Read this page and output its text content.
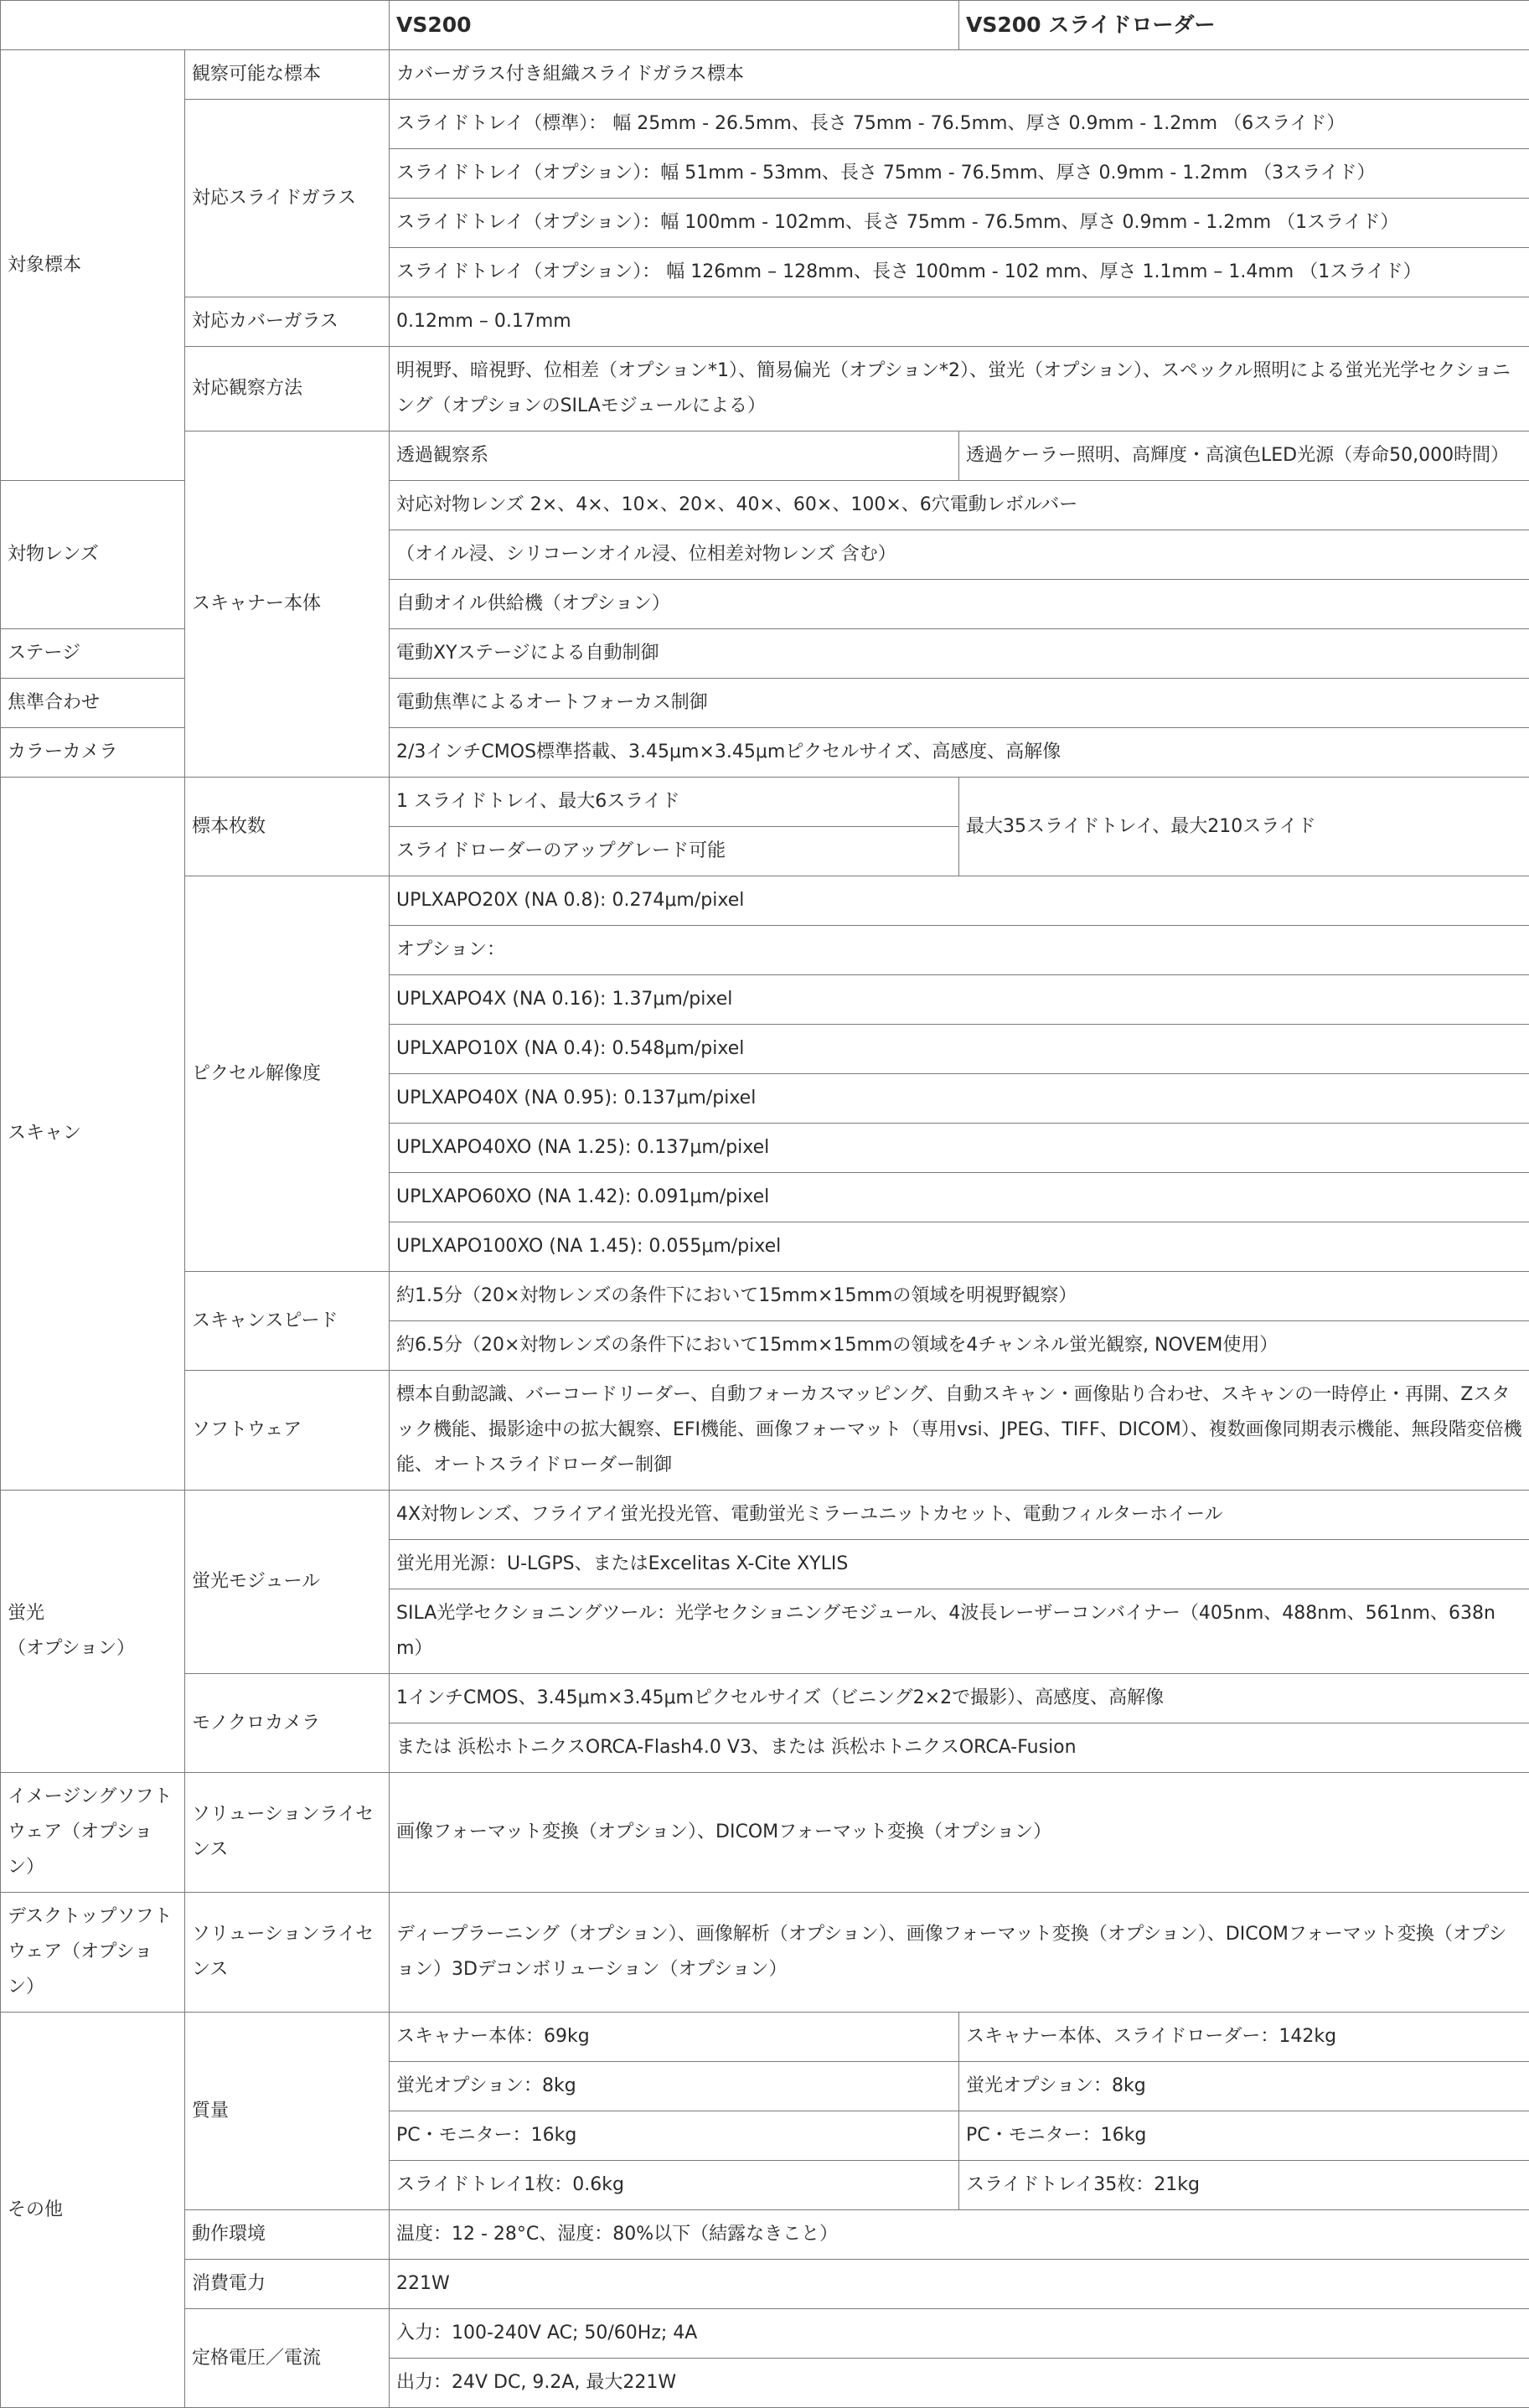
		VS200	VS200 スライドローダー
対象標本	観察可能な標本	カバーガラス付き組織スライドガラス標本	
	対応スライドガラス	スライドトレイ（標準）： 幅 25mm - 26.5mm、長さ 75mm - 76.5mm、厚さ 0.9mm - 1.2mm （6スライド）	
		スライドトレイ（オプション）：幅 51mm - 53mm、長さ 75mm - 76.5mm、厚さ 0.9mm - 1.2mm （3スライド）	
		スライドトレイ（オプション）：幅 100mm - 102mm、長さ 75mm - 76.5mm、厚さ 0.9mm - 1.2mm （1スライド）	
		スライドトレイ（オプション）： 幅 126mm – 128mm、長さ 100mm - 102 mm、厚さ 1.1mm – 1.4mm （1スライド）	
	対応カバーガラス	0.12mm – 0.17mm	
	対応観察方法	明視野、暗視野、位相差（オプション*1）、簡易偏光（オプション*2）、蛍光（オプション）、スペックル照明による蛍光光学セクショニング（オプションのSILAモジュールによる）	
	スキャナー本体	透過観察系	透過ケーラー照明、高輝度・高演色LED光源（寿命50,000時間）
対物レンズ		対応対物レンズ 2×、4×、10×、20×、40×、60×、100×、6穴電動レボルバー	
		（オイル浸、シリコーンオイル浸、位相差対物レンズ 含む）	
		自動オイル供給機（オプション）	
ステージ		電動XYステージによる自動制御	
焦準合わせ		電動焦準によるオートフォーカス制御	
カラーカメラ		2/3インチCMOS標準搭載、3.45μm×3.45μmピクセルサイズ、高感度、高解像	
スキャン	標本枚数	1 スライドトレイ、最大6スライド	最大35スライドトレイ、最大210スライド
		スライドローダーのアップグレード可能	
	ピクセル解像度	UPLXAPO20X (NA 0.8): 0.274μm/pixel	
		オプション：	
		UPLXAPO4X (NA 0.16): 1.37μm/pixel	
		UPLXAPO10X (NA 0.4): 0.548μm/pixel	
		UPLXAPO40X (NA 0.95): 0.137μm/pixel	
		UPLXAPO40XO (NA 1.25): 0.137μm/pixel	
		UPLXAPO60XO (NA 1.42): 0.091μm/pixel	
		UPLXAPO100XO (NA 1.45): 0.055μm/pixel	
	スキャンスピード	約1.5分（20×対物レンズの条件下において15mm×15mmの領域を明視野観察）	
		約6.5分（20×対物レンズの条件下において15mm×15mmの領域を4チャンネル蛍光観察, NOVEM使用）	
	ソフトウェア	標本自動認識、バーコードリーダー、自動フォーカスマッピング、自動スキャン・画像貼り合わせ、スキャンの一時停止・再開、Zスタック機能、撮影途中の拡大観察、EFI機能、画像フォーマット（専用vsi、JPEG、TIFF、DICOM）、複数画像同期表示機能、無段階変倍機能、オートスライドローダー制御	
蛍光
（オプション）	蛍光モジュール	4X対物レンズ、フライアイ蛍光投光管、電動蛍光ミラーユニットカセット、電動フィルターホイール	
		蛍光用光源：U-LGPS、またはExcelitas X-Cite XYLIS	
		SILA光学セクショニングツール：光学セクショニングモジュール、4波長レーザーコンバイナー（405nm、488nm、561nm、638nm）	
	モノクロカメラ	1インチCMOS、3.45μm×3.45μmピクセルサイズ（ビニング2×2で撮影）、高感度、高解像	
		または 浜松ホトニクスORCA-Flash4.0 V3、または 浜松ホトニクスORCA-Fusion	
イメージングソフトウェア（オプション）	ソリューションライセンス	画像フォーマット変換（オプション）、DICOMフォーマット変換（オプション）	
デスクトップソフトウェア（オプション）	ソリューションライセンス	ディープラーニング（オプション）、画像解析（オプション）、画像フォーマット変換（オプション）、DICOMフォーマット変換（オプション）3Dデコンボリューション（オプション）	
その他	質量	スキャナー本体：69kg	スキャナー本体、スライドローダー：142kg
		蛍光オプション：8kg	蛍光オプション：8kg
		PC・モニター：16kg	PC・モニター：16kg
		スライドトレイ1枚：0.6kg	スライドトレイ35枚：21kg
	動作環境	温度：12 - 28°C、湿度：80%以下（結露なきこと）	
	消費電力	221W	
	定格電圧／電流	入力：100-240V AC; 50/60Hz; 4A	
		出力：24V DC, 9.2A, 最大221W	
